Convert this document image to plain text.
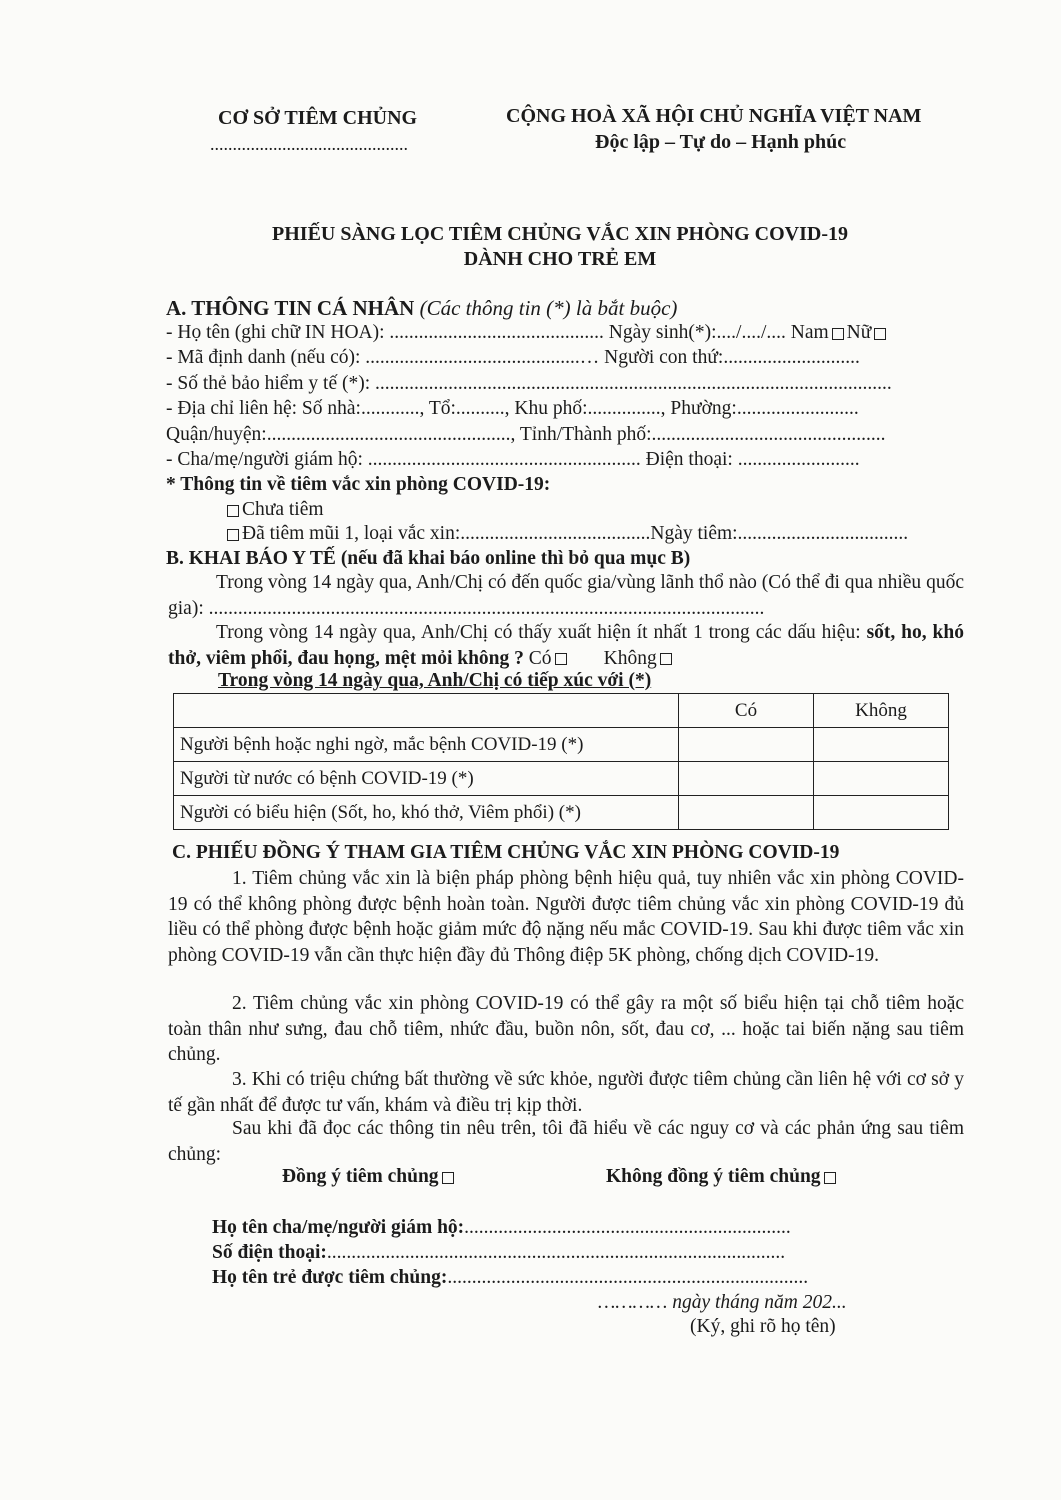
CƠ SỞ TIÊM CHỦNG
............................................
CỘNG HOÀ XÃ HỘI CHỦ NGHĨA VIỆT NAM
Độc lập – Tự do – Hạnh phúc
PHIẾU SÀNG LỌC TIÊM CHỦNG VẮC XIN PHÒNG COVID-19
DÀNH CHO TRẺ EM
A. THÔNG TIN CÁ NHÂN (Các thông tin (*) là bắt buộc)
- Họ tên (ghi chữ IN HOA): ............................................ Ngày sinh(*):..../..../.... Nam Nữ
- Mã định danh (nếu có): ............................................… Người con thứ:............................
- Số thẻ bảo hiểm y tế (*): ..........................................................................................................
- Địa chỉ liên hệ: Số nhà:............, Tổ:.........., Khu phố:..............., Phường:.........................
Quận/huyện:.................................................., Tỉnh/Thành phố:................................................
- Cha/mẹ/người giám hộ: ........................................................ Điện thoại: .........................
* Thông tin về tiêm vắc xin phòng COVID-19:
Chưa tiêm
Đã tiêm mũi 1, loại vắc xin:.......................................Ngày tiêm:...................................
B. KHAI BÁO Y TẾ (nếu đã khai báo online thì bỏ qua mục B)
Trong vòng 14 ngày qua, Anh/Chị có đến quốc gia/vùng lãnh thổ nào (Có thể đi qua nhiều quốc gia): ..................................................................................................................
Trong vòng 14 ngày qua, Anh/Chị có thấy xuất hiện ít nhất 1 trong các dấu hiệu: sốt, ho, khó thở, viêm phổi, đau họng, mệt mỏi không ? Có	Không
Trong vòng 14 ngày qua, Anh/Chị có tiếp xúc với (*)
	Có	Không
Người bệnh hoặc nghi ngờ, mắc bệnh COVID-19 (*)		
Người từ nước có bệnh COVID-19 (*)		
Người có biểu hiện (Sốt, ho, khó thở, Viêm phổi) (*)		
C. PHIẾU ĐỒNG Ý THAM GIA TIÊM CHỦNG VẮC XIN PHÒNG COVID-19
1. Tiêm chủng vắc xin là biện pháp phòng bệnh hiệu quả, tuy nhiên vắc xin phòng COVID-19 có thể không phòng được bệnh hoàn toàn. Người được tiêm chủng vắc xin phòng COVID-19 đủ liều có thể phòng được bệnh hoặc giảm mức độ nặng nếu mắc COVID-19. Sau khi được tiêm vắc xin phòng COVID-19 vẫn cần thực hiện đầy đủ Thông điệp 5K phòng, chống dịch COVID-19.
2. Tiêm chủng vắc xin phòng COVID-19 có thể gây ra một số biểu hiện tại chỗ tiêm hoặc toàn thân như sưng, đau chỗ tiêm, nhức đầu, buồn nôn, sốt, đau cơ, ... hoặc tai biến nặng sau tiêm chủng.
3. Khi có triệu chứng bất thường về sức khỏe, người được tiêm chủng cần liên hệ với cơ sở y tế gần nhất để được tư vấn, khám và điều trị kịp thời.
Sau khi đã đọc các thông tin nêu trên, tôi đã hiểu về các nguy cơ và các phản ứng sau tiêm chủng:
Đồng ý tiêm chủng	Không đồng ý tiêm chủng
Họ tên cha/mẹ/người giám hộ:...................................................................
Số điện thoại:..............................................................................................
Họ tên trẻ được tiêm chủng:..........................................................................
………… ngày tháng năm 202...
(Ký, ghi rõ họ tên)
